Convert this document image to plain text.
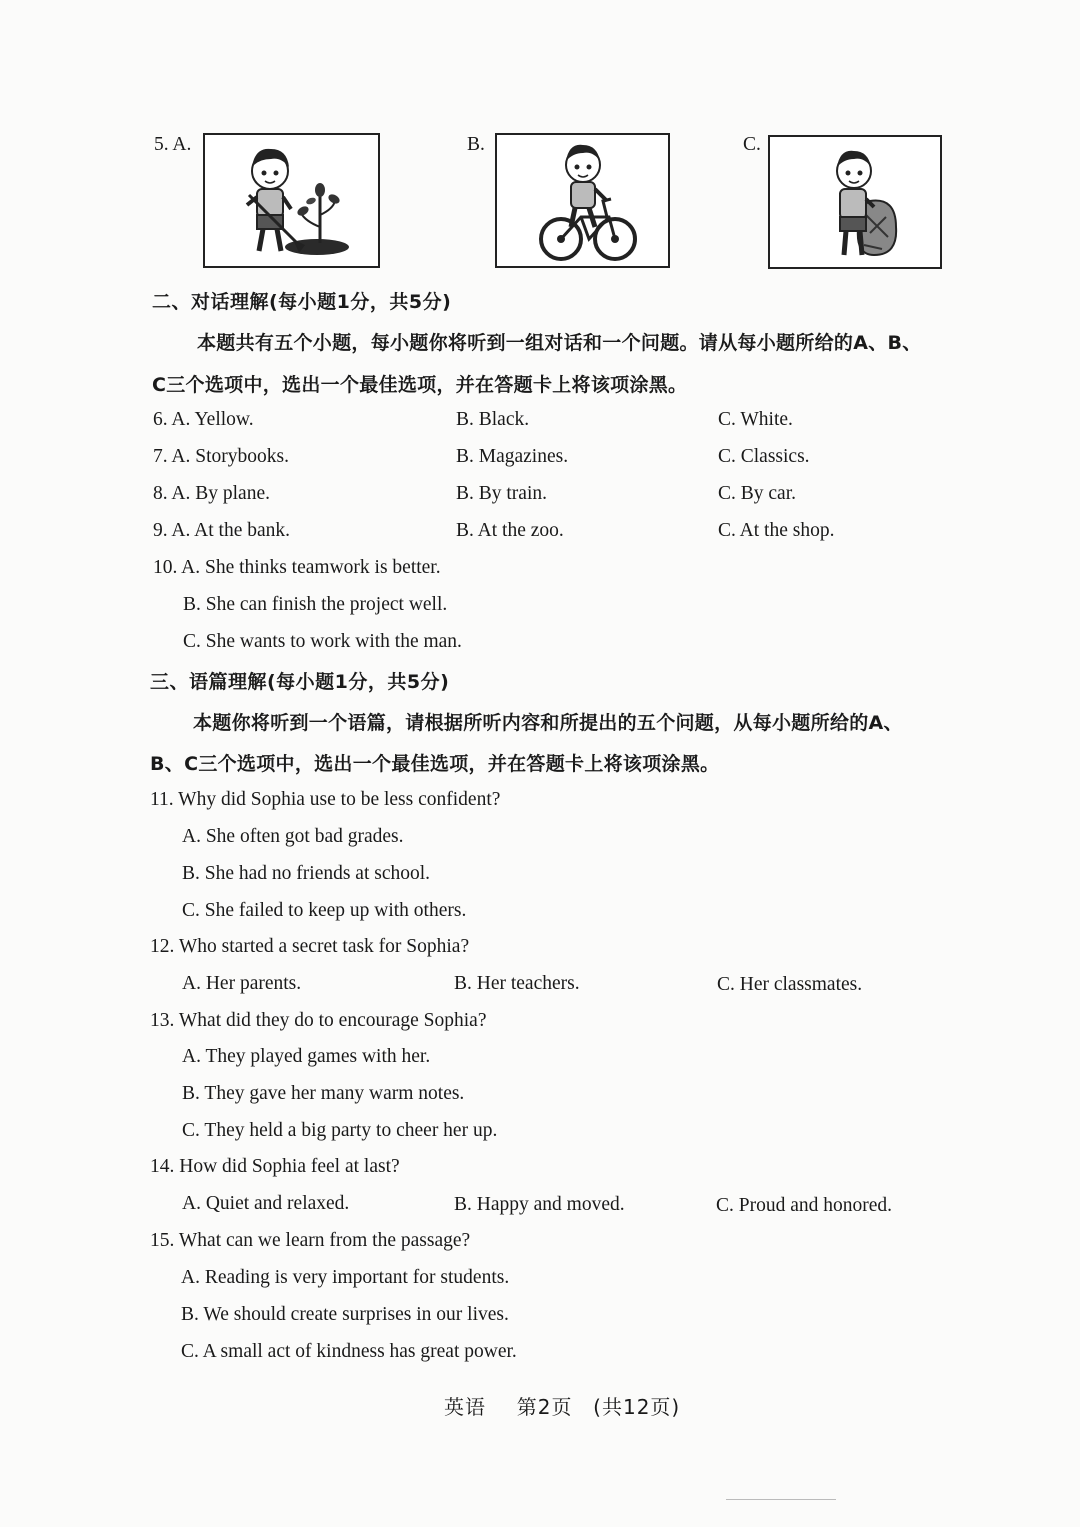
5. A.	B.	C.
二、对话理解(每小题1分，共5分)
本题共有五个小题，每小题你将听到一组对话和一个问题。请从每小题所给的A、B、
C三个选项中，选出一个最佳选项，并在答题卡上将该项涂黑。
6. A. Yellow.	B. Black.	C. White.
7. A. Storybooks.	B. Magazines.	C. Classics.
8. A. By plane.	B. By train.	C. By car.
9. A. At the bank.	B. At the zoo.	C. At the shop.
10. A. She thinks teamwork is better.
B. She can finish the project well.
C. She wants to work with the man.
三、语篇理解(每小题1分，共5分)
本题你将听到一个语篇，请根据所听内容和所提出的五个问题，从每小题所给的A、
B、C三个选项中，选出一个最佳选项，并在答题卡上将该项涂黑。
11. Why did Sophia use to be less confident?
A. She often got bad grades.
B. She had no friends at school.
C. She failed to keep up with others.
12. Who started a secret task for Sophia?
A. Her parents.	B. Her teachers.	C. Her classmates.
13. What did they do to encourage Sophia?
A. They played games with her.
B. They gave her many warm notes.
C. They held a big party to cheer her up.
14. How did Sophia feel at last?
A. Quiet and relaxed.	B. Happy and moved.	C. Proud and honored.
15. What can we learn from the passage?
A. Reading is very important for students.
B. We should create surprises in our lives.
C. A small act of kindness has great power.
英语 第2页 (共12页)
